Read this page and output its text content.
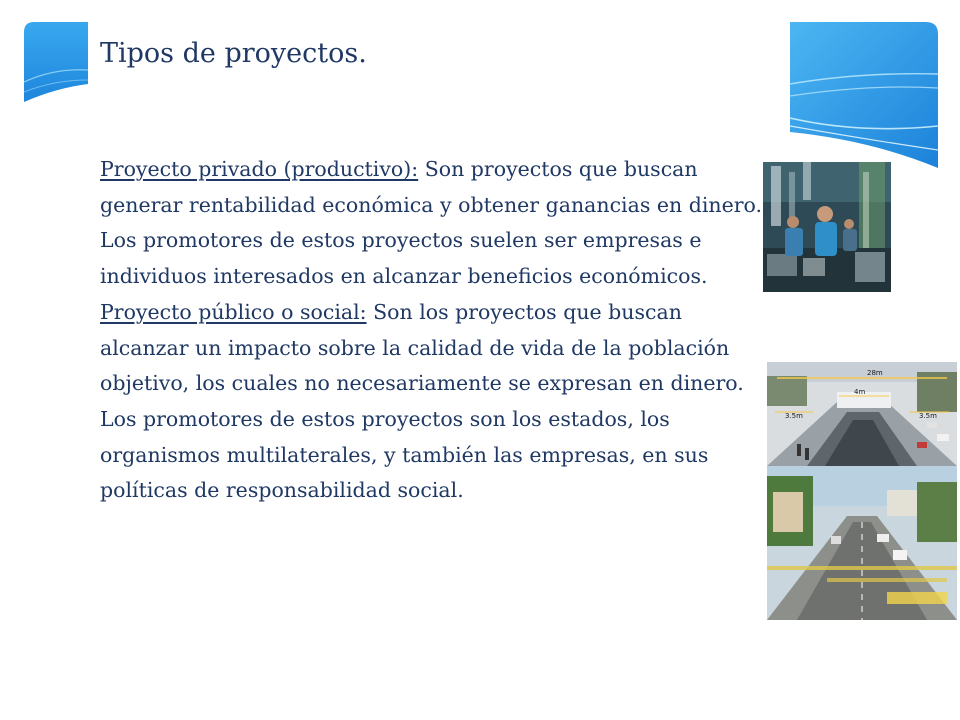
Tipos de proyectos.

Proyecto privado (productivo): Son proyectos que buscan generar rentabilidad económica y obtener ganancias en dinero. Los promotores de estos proyectos suelen ser empresas e individuos interesados en alcanzar beneficios económicos.
Proyecto público o social: Son los proyectos que buscan alcanzar un impacto sobre la calidad de vida de la población objetivo, los cuales no necesariamente se expresan en dinero. Los promotores de estos proyectos son los estados, los organismos multilaterales, y también las empresas, en sus políticas de responsabilidad social.

28m
4m
3.5m	3.5m
